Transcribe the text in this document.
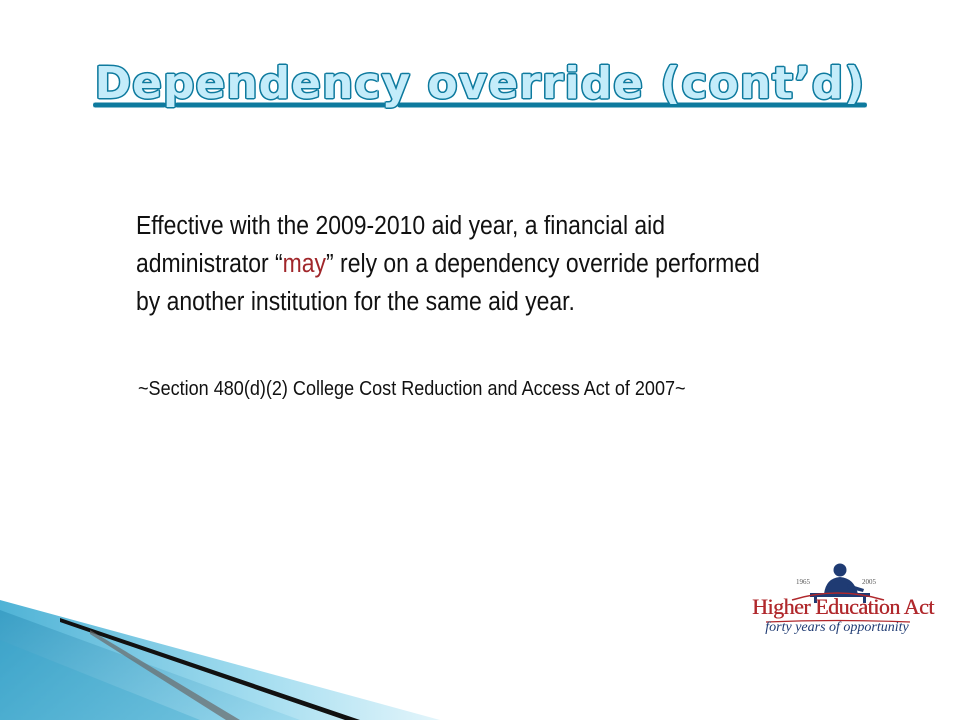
Dependency override (cont’d)
Effective with the 2009-2010 aid year, a financial aid administrator “may” rely on a dependency override performed by another institution for the same aid year.
~Section 480(d)(2) College Cost Reduction and Access Act of 2007~
1965	2005
Higher Education Act
forty years of opportunity
